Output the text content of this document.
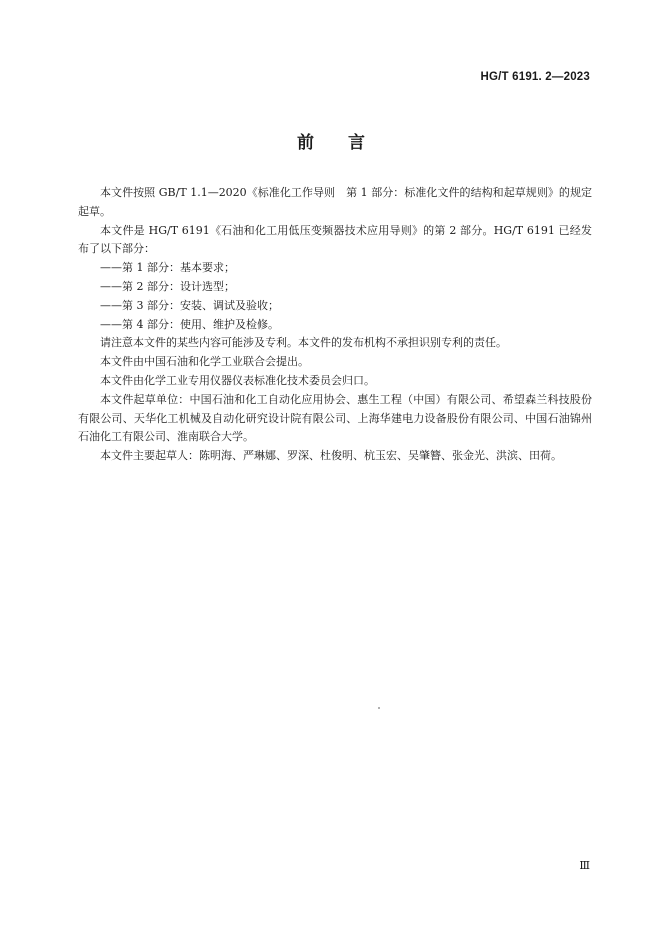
HG/T 6191. 2—2023
前言

本文件按照 GB/T 1.1—2020《标准化工作导则　第 1 部分：标准化文件的结构和起草规则》的规定起草。

本文件是 HG/T 6191《石油和化工用低压变频器技术应用导则》的第 2 部分。HG/T 6191 已经发布了以下部分：

——第 1 部分：基本要求；

——第 2 部分：设计选型；

——第 3 部分：安装、调试及验收；

——第 4 部分：使用、维护及检修。

请注意本文件的某些内容可能涉及专利。本文件的发布机构不承担识别专利的责任。

本文件由中国石油和化学工业联合会提出。

本文件由化学工业专用仪器仪表标准化技术委员会归口。

本文件起草单位：中国石油和化工自动化应用协会、惠生工程（中国）有限公司、希望森兰科技股份有限公司、天华化工机械及自动化研究设计院有限公司、上海华建电力设备股份有限公司、中国石油锦州石油化工有限公司、淮南联合大学。

本文件主要起草人：陈明海、严琳娜、罗深、杜俊明、杭玉宏、吴肇簪、张金光、洪滨、田荷。

Ⅲ
